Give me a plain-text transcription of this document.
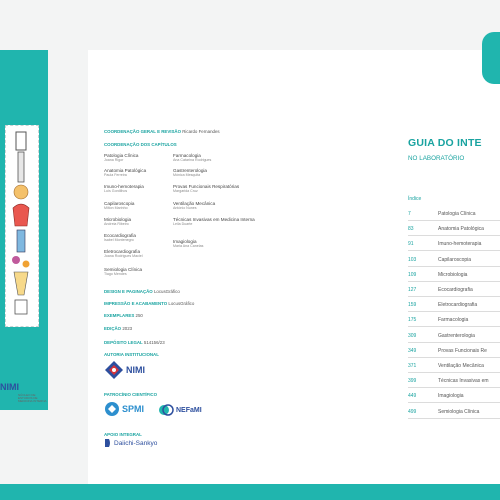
NIMI
NÚCLEO DE ESTUDOS DE MEDICINA INTERNA
COORDENAÇÃO GERAL E REVISÃO Ricardo Fernandes
COORDENAÇÃO DOS CAPÍTULOS
Patologia Clínica
Joana Rigor
Anatomia Patológica
Paula Ferreira
Imuno-hemoterapia
Luís Gordilhos
Capilaroscopia
Milton Marinho
Microbiologia
Andreia Ribeiro
Ecocardiografia
Isabel Montenegro
Eletrocardiografia
Joana Rodrigues Maciel
Semiologia Clínica
Tiago Mendes
Farmacologia
Ana Catarina Rodrigues
Gastrenterologia
Mónica Mesquita
Provas Funcionais Respiratórias
Margarida Cruz
Ventilação Mecânica
António Nunes
Técnicas Invasivas em Medicina Interna
Leila Duarte
Imagiologia
Maria Ana Canelas
DESIGN E PAGINAÇÃO LocusGráfico
IMPRESSÃO E ACABAMENTO LocusGráfico
EXEMPLARES 250
EDIÇÃO 2023
DEPÓSITO LEGAL 514156/23
AUTORIA INSTITUCIONAL
NIMI
PATROCÍNIO CIENTÍFICO
SPMI	NEFaMI
APOIO INTEGRAL
Daiichi-Sankyo
GUIA DO INTE
NO LABORATÓRIO
Índice
7	Patologia Clínica
83	Anatomia Patológica
91	Imuno-hemoterapia
103	Capilaroscopia
109	Microbiologia
127	Ecocardiografia
159	Eletrocardiografia
175	Farmacologia
309	Gastrenterologia
349	Provas Funcionais Re
371	Ventilação Mecânica
399	Técnicas Invasivas em
449	Imagiologia
499	Semiologia Clínica
